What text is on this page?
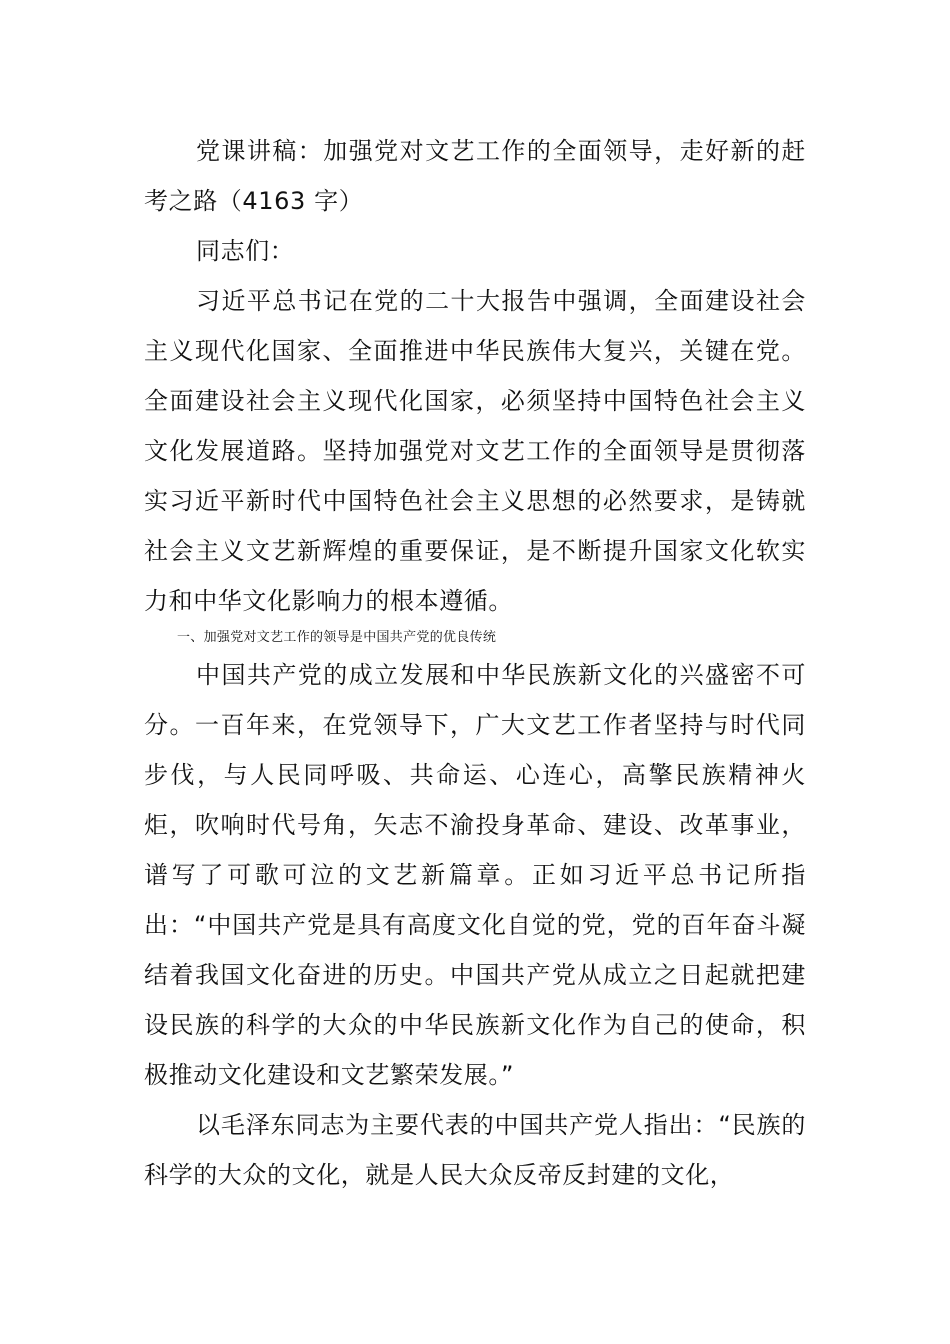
党课讲稿：加强党对文艺工作的全面领导，走好新的赶考之路（4163 字）

同志们：

习近平总书记在党的二十大报告中强调，全面建设社会主义现代化国家、全面推进中华民族伟大复兴，关键在党。全面建设社会主义现代化国家，必须坚持中国特色社会主义文化发展道路。坚持加强党对文艺工作的全面领导是贯彻落实习近平新时代中国特色社会主义思想的必然要求，是铸就社会主义文艺新辉煌的重要保证，是不断提升国家文化软实力和中华文化影响力的根本遵循。

一、加强党对文艺工作的领导是中国共产党的优良传统

中国共产党的成立发展和中华民族新文化的兴盛密不可分。一百年来，在党领导下，广大文艺工作者坚持与时代同步伐，与人民同呼吸、共命运、心连心，高擎民族精神火炬，吹响时代号角，矢志不渝投身革命、建设、改革事业，谱写了可歌可泣的文艺新篇章。正如习近平总书记所指出：“中国共产党是具有高度文化自觉的党，党的百年奋斗凝结着我国文化奋进的历史。中国共产党从成立之日起就把建设民族的科学的大众的中华民族新文化作为自己的使命，积极推动文化建设和文艺繁荣发展。”

以毛泽东同志为主要代表的中国共产党人指出：“民族的科学的大众的文化，就是人民大众反帝反封建的文化，
